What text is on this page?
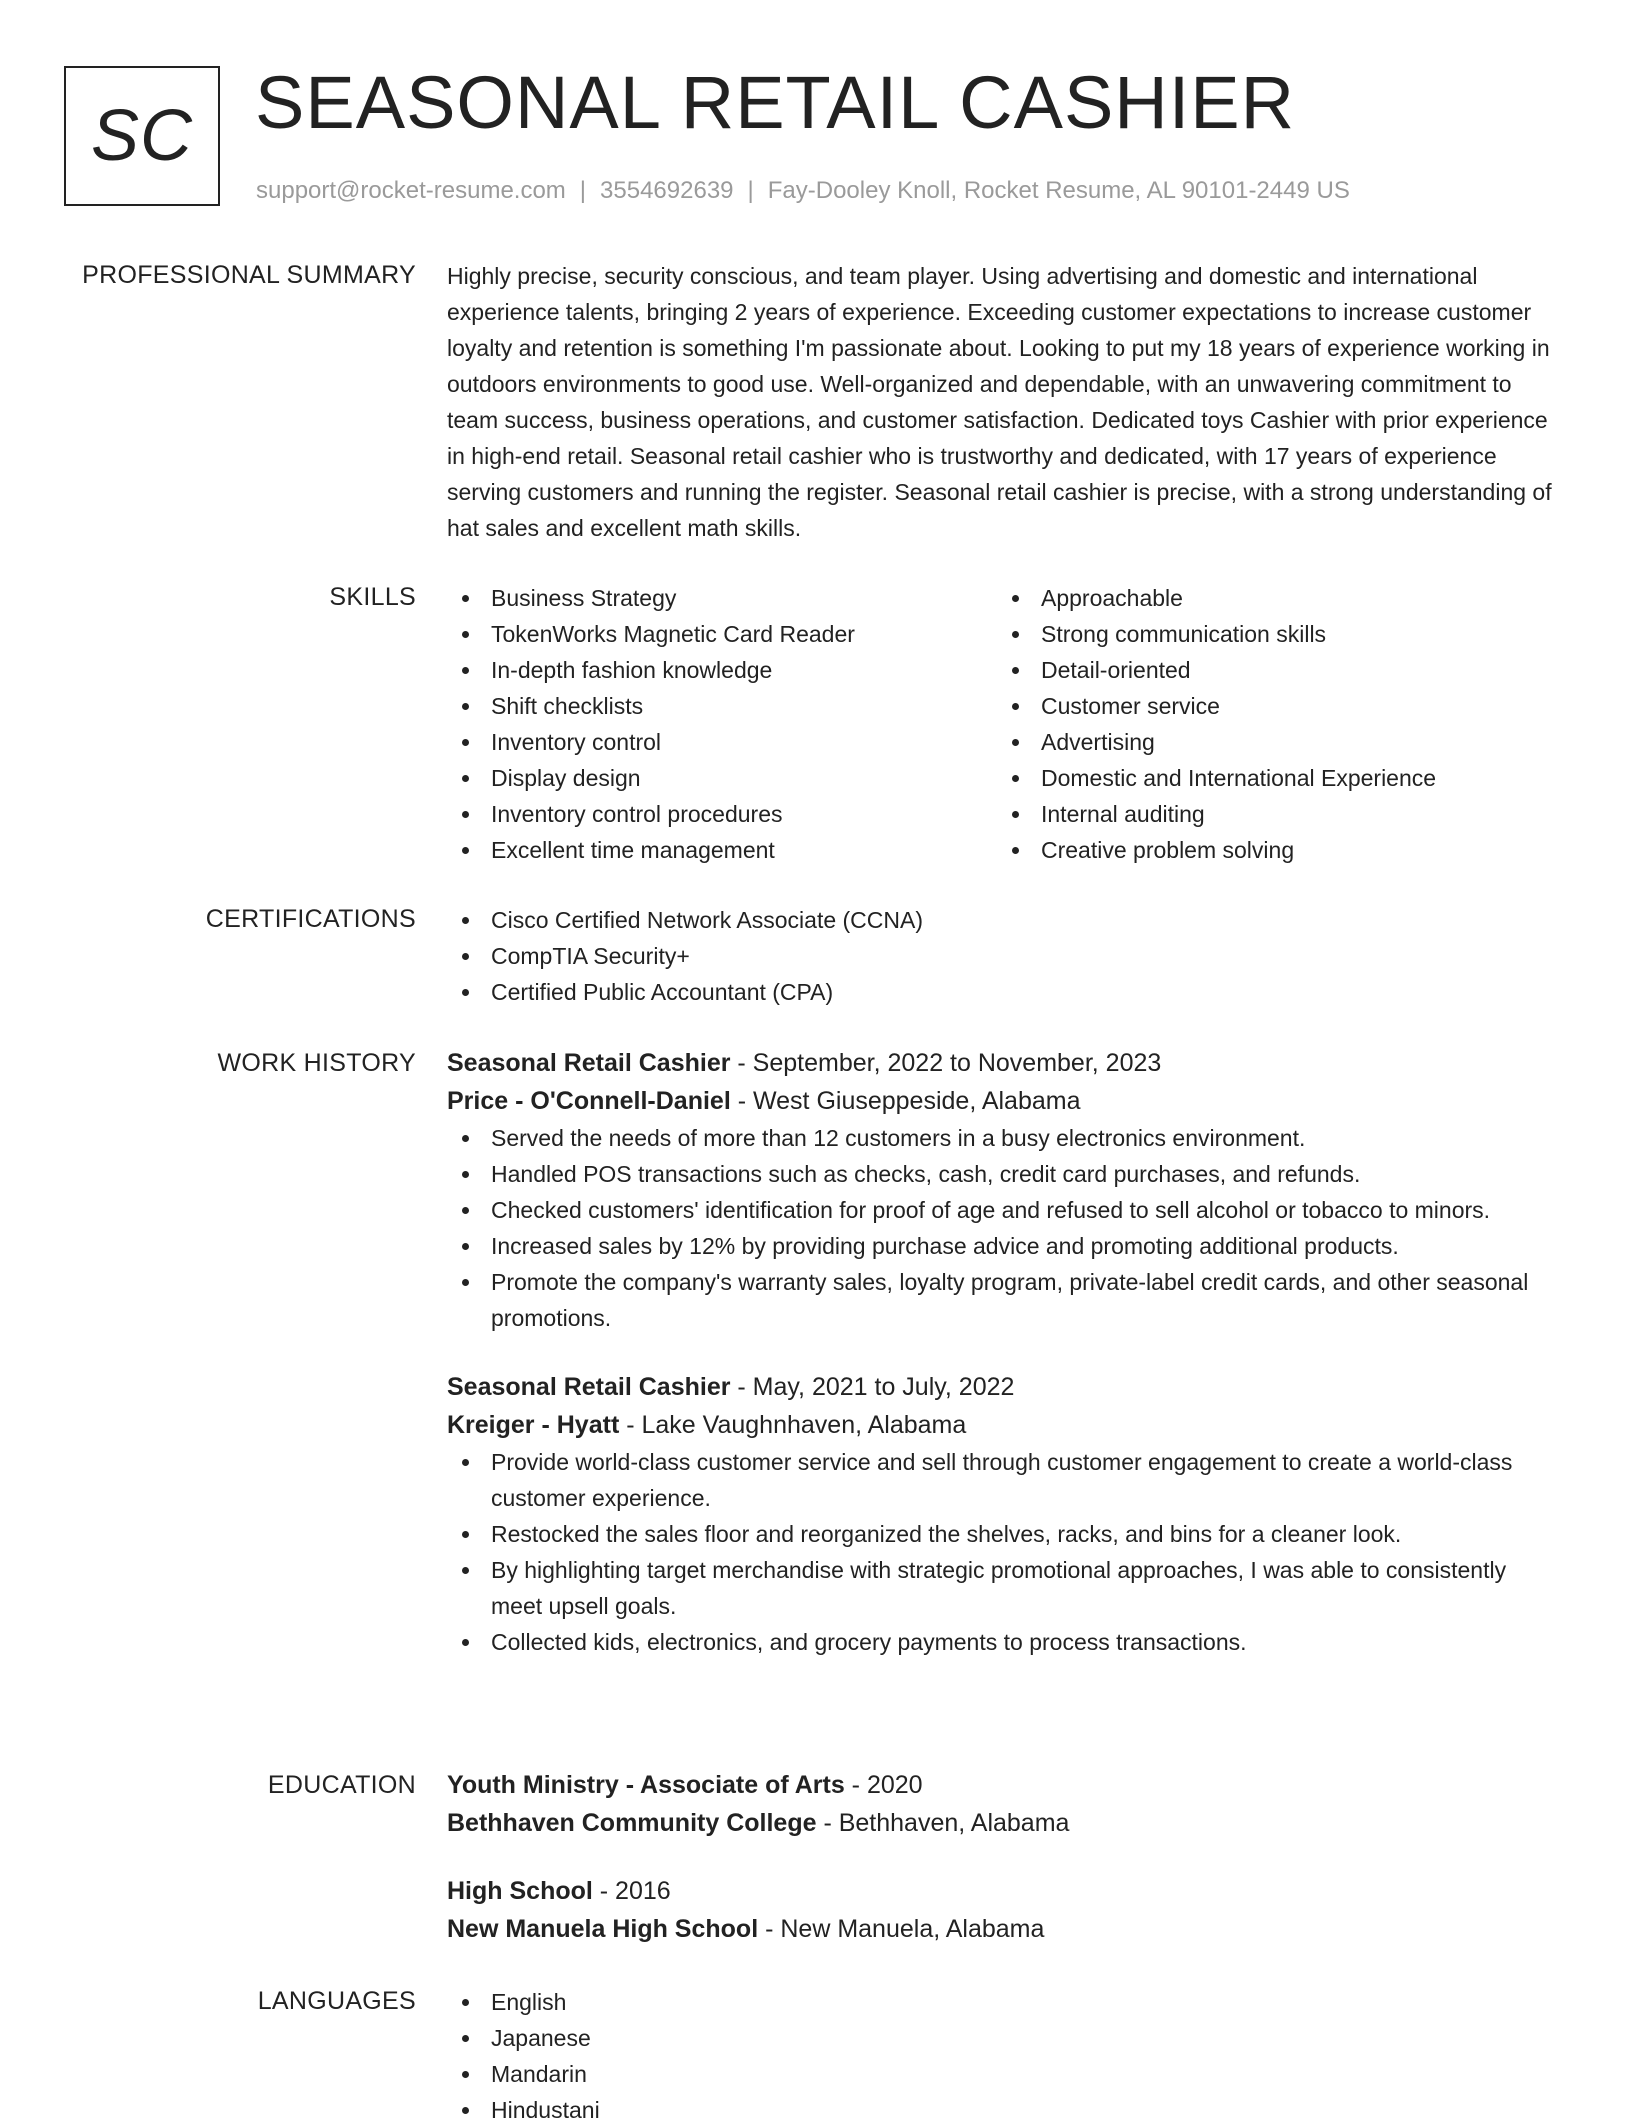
SC SEASONAL RETAIL CASHIER
support@rocket-resume.com | 3554692639 | Fay-Dooley Knoll, Rocket Resume, AL 90101-2449 US
PROFESSIONAL SUMMARY Highly precise, security conscious, and team player. Using advertising and domestic and international experience talents, bringing 2 years of experience. Exceeding customer expectations to increase customer loyalty and retention is something I'm passionate about. Looking to put my 18 years of experience working in outdoors environments to good use. Well-organized and dependable, with an unwavering commitment to team success, business operations, and customer satisfaction. Dedicated toys Cashier with prior experience in high-end retail. Seasonal retail cashier who is trustworthy and dedicated, with 17 years of experience serving customers and running the register. Seasonal retail cashier is precise, with a strong understanding of hat sales and excellent math skills.

SKILLS	Business Strategy
TokenWorks Magnetic Card Reader
In-depth fashion knowledge
Shift checklists
Inventory control
Display design
Inventory control procedures
Excellent time management
Approachable
Strong communication skills
Detail-oriented
Customer service
Advertising
Domestic and International Experience
Internal auditing
Creative problem solving
CERTIFICATIONS	Cisco Certified Network Associate (CCNA)
CompTIA Security+
Certified Public Accountant (CPA)
WORK HISTORY Seasonal Retail Cashier - September, 2022 to November, 2023
Price - O'Connell-Daniel - West Giuseppeside, Alabama
Served the needs of more than 12 customers in a busy electronics environment.
Handled POS transactions such as checks, cash, credit card purchases, and refunds.
Checked customers' identification for proof of age and refused to sell alcohol or tobacco to minors.
Increased sales by 12% by providing purchase advice and promoting additional products.
Promote the company's warranty sales, loyalty program, private-label credit cards, and other seasonal promotions.
Seasonal Retail Cashier - May, 2021 to July, 2022
Kreiger - Hyatt - Lake Vaughnhaven, Alabama
Provide world-class customer service and sell through customer engagement to create a world-class customer experience.
Restocked the sales floor and reorganized the shelves, racks, and bins for a cleaner look.
By highlighting target merchandise with strategic promotional approaches, I was able to consistently meet upsell goals.
Collected kids, electronics, and grocery payments to process transactions.
EDUCATION Youth Ministry - Associate of Arts - 2020
Bethhaven Community College - Bethhaven, Alabama
High School - 2016
New Manuela High School - New Manuela, Alabama
LANGUAGES	English
Japanese
Mandarin
Hindustani
